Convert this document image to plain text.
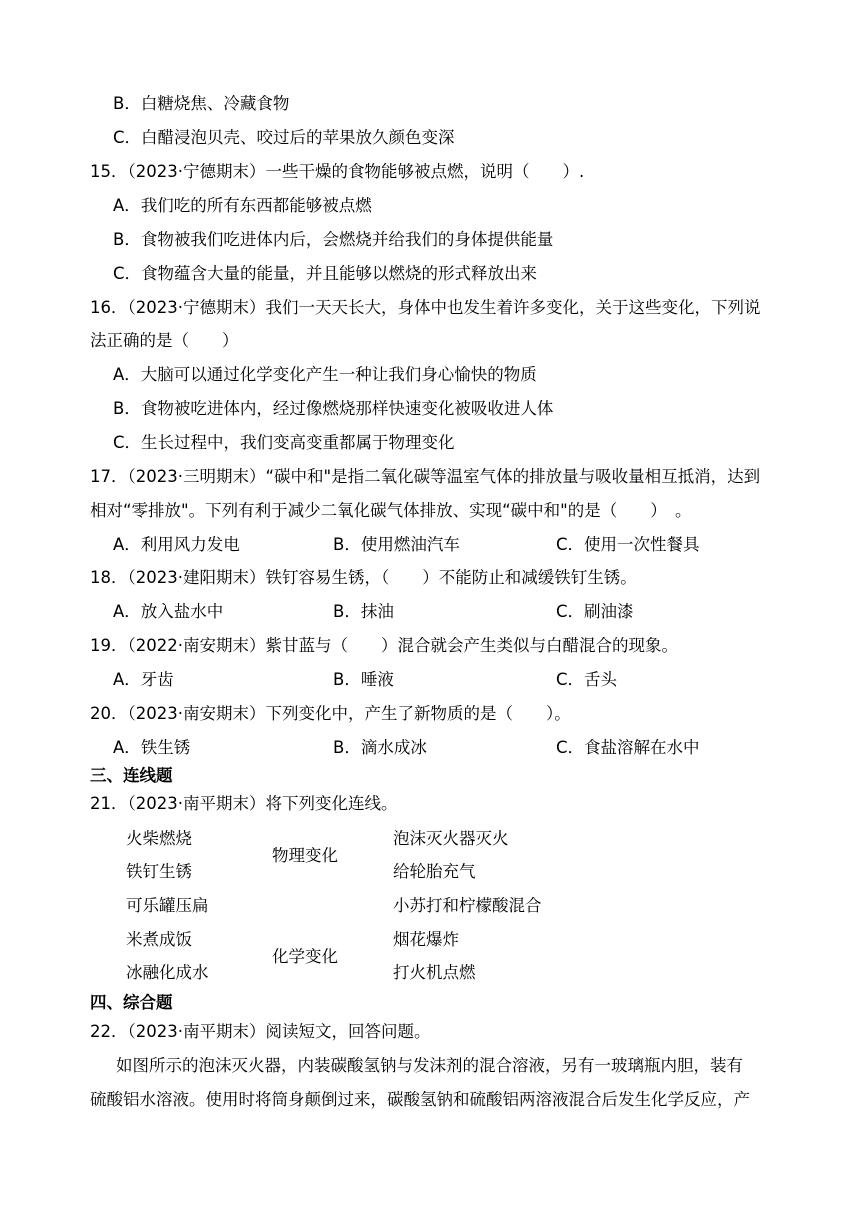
B．白糖烧焦、冷藏食物
C．白醋浸泡贝壳、咬过后的苹果放久颜色变深
15．（2023·宁德期末）一些干燥的食物能够被点燃，说明（　　）.
A．我们吃的所有东西都能够被点燃
B．食物被我们吃进体内后，会燃烧并给我们的身体提供能量
C．食物蕴含大量的能量，并且能够以燃烧的形式释放出来
16．（2023·宁德期末）我们一天天长大，身体中也发生着许多变化，关于这些变化，下列说
法正确的是（　　）
A．大脑可以通过化学变化产生一种让我们身心愉快的物质
B．食物被吃进体内，经过像燃烧那样快速变化被吸收进人体
C．生长过程中，我们变高变重都属于物理变化
17．（2023·三明期末）“碳中和"是指二氧化碳等温室气体的排放量与吸收量相互抵消，达到
相对“零排放"。下列有利于减少二氧化碳气体排放、实现“碳中和"的是（　　）　。
A．利用风力发电	B．使用燃油汽车	C．使用一次性餐具
18．（2023·建阳期末）铁钉容易生锈，（　　）不能防止和减缓铁钉生锈。
A．放入盐水中	B．抹油	C．刷油漆
19．（2022·南安期末）紫甘蓝与（　　）混合就会产生类似与白醋混合的现象。
A．牙齿	B．唾液	C．舌头
20．（2023·南安期末）下列变化中，产生了新物质的是（　　）。
A．铁生锈	B．滴水成冰	C．食盐溶解在水中
三、连线题
21．（2023·南平期末）将下列变化连线。
火柴燃烧
铁钉生锈
可乐罐压扁
米煮成饭
冰融化成水
物理变化
化学变化
泡沫灭火器灭火
给轮胎充气
小苏打和柠檬酸混合
烟花爆炸
打火机点燃
四、综合题
22．（2023·南平期末）阅读短文，回答问题。
如图所示的泡沫灭火器，内装碳酸氢钠与发沫剂的混合溶液，另有一玻璃瓶内胆，装有
硫酸铝水溶液。使用时将筒身颠倒过来，碳酸氢钠和硫酸铝两溶液混合后发生化学反应，产
